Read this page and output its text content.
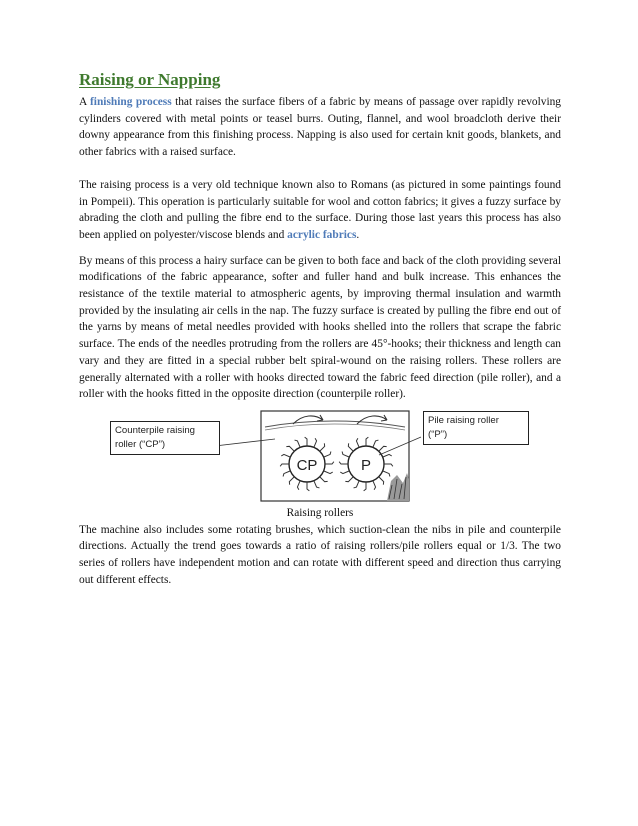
Raising or Napping

A finishing process that raises the surface fibers of a fabric by means of passage over rapidly revolving cylinders covered with metal points or teasel burrs. Outing, flannel, and wool broadcloth derive their downy appearance from this finishing process. Napping is also used for certain knit goods, blankets, and other fabrics with a raised surface.

The raising process is a very old technique known also to Romans (as pictured in some paintings found in Pompeii). This operation is particularly suitable for wool and cotton fabrics; it gives a fuzzy surface by abrading the cloth and pulling the fibre end to the surface. During those last years this process has also been applied on polyester/viscose blends and acrylic fabrics.

By means of this process a hairy surface can be given to both face and back of the cloth providing several modifications of the fabric appearance, softer and fuller hand and bulk increase. This enhances the resistance of the textile material to atmospheric agents, by improving thermal insulation and warmth provided by the insulating air cells in the nap. The fuzzy surface is created by pulling the fibre end out of the yarns by means of metal needles provided with hooks shelled into the rollers that scrape the fabric surface. The ends of the needles protruding from the rollers are 45°-hooks; their thickness and length can vary and they are fitted in a special rubber belt spiral-wound on the raising rollers. These rollers are generally alternated with a roller with hooks directed toward the fabric feed direction (pile roller), and a roller with the hooks fitted in the opposite direction (counterpile roller).

CP	P
Counterpile raising
roller (“CP”)
Pile raising roller
(“P”)

Raising rollers

The machine also includes some rotating brushes, which suction-clean the nibs in pile and counterpile directions. Actually the trend goes towards a ratio of raising rollers/pile rollers equal or 1/3. The two series of rollers have independent motion and can rotate with different speed and direction thus carrying out different effects.
